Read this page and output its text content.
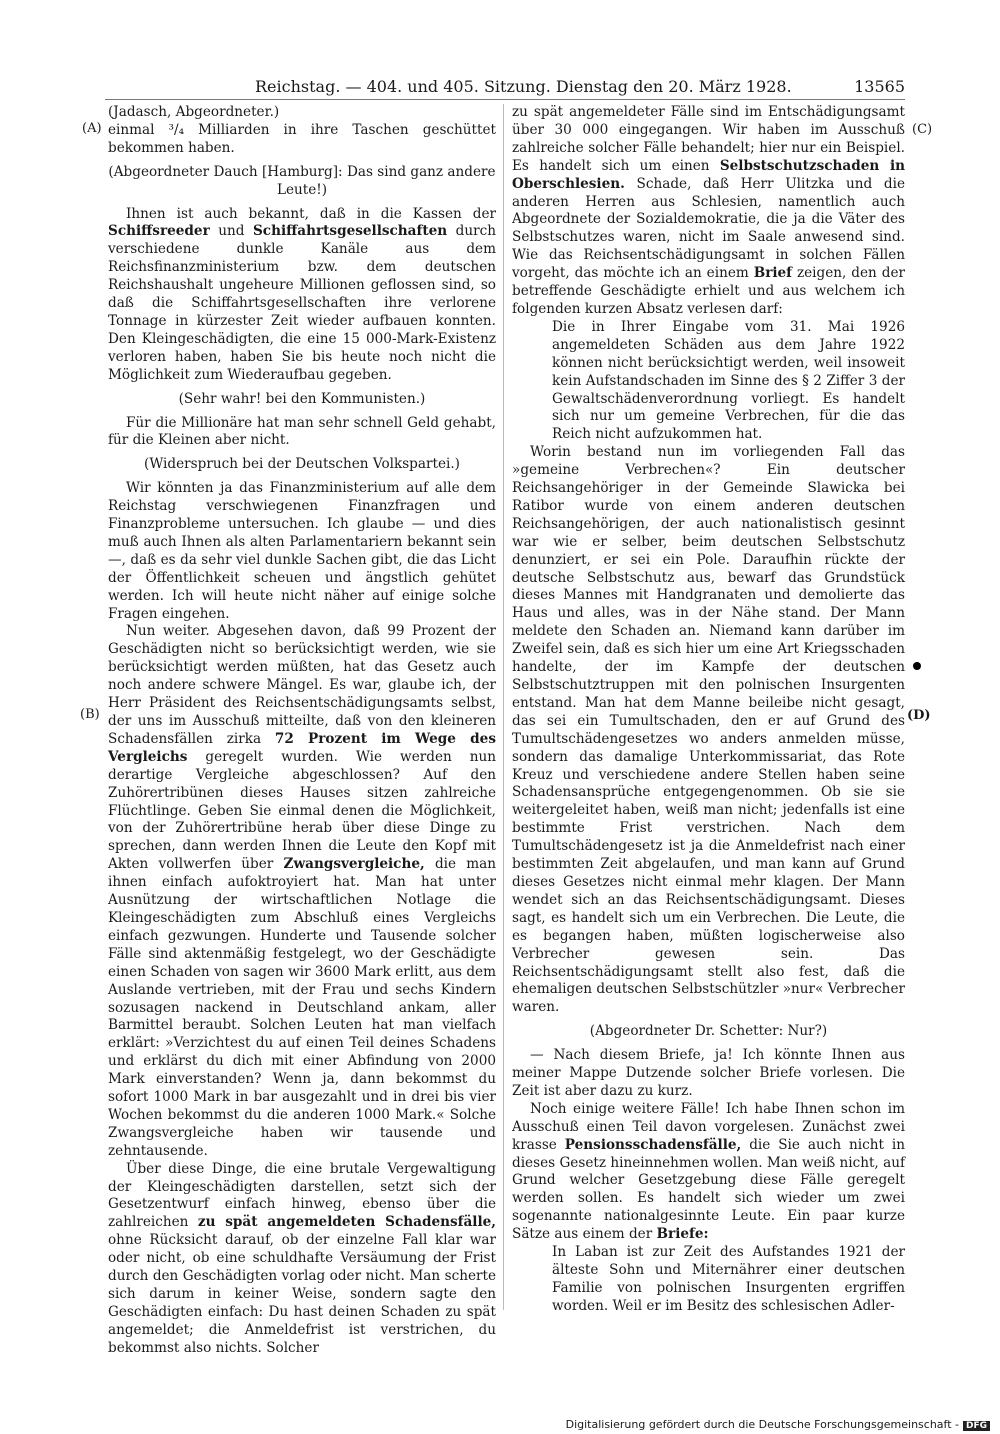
Reichstag. — 404. und 405. Sitzung. Dienstag den 20. März 1928.	13565
(A)
(B)
(C)
(D)

(Jadasch, Abgeordneter.)

einmal ³/₄ Milliarden in ihre Taschen geschüttet bekommen haben.

(Abgeordneter Dauch [Hamburg]: Das sind ganz andere Leute!)

Ihnen ist auch bekannt, daß in die Kassen der Schiffsreeder und Schiffahrtsgesellschaften durch verschiedene dunkle Kanäle aus dem Reichsfinanzministerium bzw. dem deutschen Reichshaushalt ungeheure Millionen geflossen sind, so daß die Schiffahrtsgesellschaften ihre verlorene Tonnage in kürzester Zeit wieder aufbauen konnten. Den Kleingeschädigten, die eine 15 000-Mark-Existenz verloren haben, haben Sie bis heute noch nicht die Möglichkeit zum Wiederaufbau gegeben.

(Sehr wahr! bei den Kommunisten.)

Für die Millionäre hat man sehr schnell Geld gehabt, für die Kleinen aber nicht.

(Widerspruch bei der Deutschen Volkspartei.)

Wir könnten ja das Finanzministerium auf alle dem Reichstag verschwiegenen Finanzfragen und Finanzprobleme untersuchen. Ich glaube — und dies muß auch Ihnen als alten Parlamentariern bekannt sein —, daß es da sehr viel dunkle Sachen gibt, die das Licht der Öffentlichkeit scheuen und ängstlich gehütet werden. Ich will heute nicht näher auf einige solche Fragen eingehen.

Nun weiter. Abgesehen davon, daß 99 Prozent der Geschädigten nicht so berücksichtigt werden, wie sie berücksichtigt werden müßten, hat das Gesetz auch noch andere schwere Mängel. Es war, glaube ich, der Herr Präsident des Reichsentschädigungsamts selbst, der uns im Ausschuß mitteilte, daß von den kleineren Schadensfällen zirka 72 Prozent im Wege des Vergleichs geregelt wurden. Wie werden nun derartige Vergleiche abgeschlossen? Auf den Zuhörertribünen dieses Hauses sitzen zahlreiche Flüchtlinge. Geben Sie einmal denen die Möglichkeit, von der Zuhörertribüne herab über diese Dinge zu sprechen, dann werden Ihnen die Leute den Kopf mit Akten vollwerfen über Zwangsvergleiche, die man ihnen einfach aufoktroyiert hat. Man hat unter Ausnützung der wirtschaftlichen Notlage die Kleingeschädigten zum Abschluß eines Vergleichs einfach gezwungen. Hunderte und Tausende solcher Fälle sind aktenmäßig festgelegt, wo der Geschädigte einen Schaden von sagen wir 3600 Mark erlitt, aus dem Auslande vertrieben, mit der Frau und sechs Kindern sozusagen nackend in Deutschland ankam, aller Barmittel beraubt. Solchen Leuten hat man vielfach erklärt: »Verzichtest du auf einen Teil deines Schadens und erklärst du dich mit einer Abfindung von 2000 Mark einverstanden? Wenn ja, dann bekommst du sofort 1000 Mark in bar ausgezahlt und in drei bis vier Wochen bekommst du die anderen 1000 Mark.« Solche Zwangsvergleiche haben wir tausende und zehntausende.

Über diese Dinge, die eine brutale Vergewaltigung der Kleingeschädigten darstellen, setzt sich der Gesetzentwurf einfach hinweg, ebenso über die zahlreichen zu spät angemeldeten Schadensfälle, ohne Rücksicht darauf, ob der einzelne Fall klar war oder nicht, ob eine schuldhafte Versäumung der Frist durch den Geschädigten vorlag oder nicht. Man scherte sich darum in keiner Weise, sondern sagte den Geschädigten einfach: Du hast deinen Schaden zu spät angemeldet; die Anmeldefrist ist verstrichen, du bekommst also nichts. Solcher

zu spät angemeldeter Fälle sind im Entschädigungsamt über 30 000 eingegangen. Wir haben im Ausschuß zahlreiche solcher Fälle behandelt; hier nur ein Beispiel. Es handelt sich um einen Selbstschutzschaden in Oberschlesien. Schade, daß Herr Ulitzka und die anderen Herren aus Schlesien, namentlich auch Abgeordnete der Sozialdemokratie, die ja die Väter des Selbstschutzes waren, nicht im Saale anwesend sind. Wie das Reichsentschädigungsamt in solchen Fällen vorgeht, das möchte ich an einem Brief zeigen, den der betreffende Geschädigte erhielt und aus welchem ich folgenden kurzen Absatz verlesen darf:

Die in Ihrer Eingabe vom 31. Mai 1926 angemeldeten Schäden aus dem Jahre 1922 können nicht berücksichtigt werden, weil insoweit kein Aufstandschaden im Sinne des § 2 Ziffer 3 der Gewaltschädenverordnung vorliegt. Es handelt sich nur um gemeine Verbrechen, für die das Reich nicht aufzukommen hat.

Worin bestand nun im vorliegenden Fall das »gemeine Verbrechen«? Ein deutscher Reichsangehöriger in der Gemeinde Slawicka bei Ratibor wurde von einem anderen deutschen Reichsangehörigen, der auch nationalistisch gesinnt war wie er selber, beim deutschen Selbstschutz denunziert, er sei ein Pole. Daraufhin rückte der deutsche Selbstschutz aus, bewarf das Grundstück dieses Mannes mit Handgranaten und demolierte das Haus und alles, was in der Nähe stand. Der Mann meldete den Schaden an. Niemand kann darüber im Zweifel sein, daß es sich hier um eine Art Kriegsschaden handelte, der im Kampfe der deutschen Selbstschutztruppen mit den polnischen Insurgenten entstand. Man hat dem Manne beileibe nicht gesagt, das sei ein Tumultschaden, den er auf Grund des Tumultschädengesetzes wo anders anmelden müsse, sondern das damalige Unterkommissariat, das Rote Kreuz und verschiedene andere Stellen haben seine Schadensansprüche entgegengenommen. Ob sie sie weitergeleitet haben, weiß man nicht; jedenfalls ist eine bestimmte Frist verstrichen. Nach dem Tumultschädengesetz ist ja die Anmeldefrist nach einer bestimmten Zeit abgelaufen, und man kann auf Grund dieses Gesetzes nicht einmal mehr klagen. Der Mann wendet sich an das Reichsentschädigungsamt. Dieses sagt, es handelt sich um ein Verbrechen. Die Leute, die es begangen haben, müßten logischerweise also Verbrecher gewesen sein. Das Reichsentschädigungsamt stellt also fest, daß die ehemaligen deutschen Selbstschützler »nur« Verbrecher waren.

(Abgeordneter Dr. Schetter: Nur?)

— Nach diesem Briefe, ja! Ich könnte Ihnen aus meiner Mappe Dutzende solcher Briefe vorlesen. Die Zeit ist aber dazu zu kurz.

Noch einige weitere Fälle! Ich habe Ihnen schon im Ausschuß einen Teil davon vorgelesen. Zunächst zwei krasse Pensionsschadensfälle, die Sie auch nicht in dieses Gesetz hineinnehmen wollen. Man weiß nicht, auf Grund welcher Gesetzgebung diese Fälle geregelt werden sollen. Es handelt sich wieder um zwei sogenannte nationalgesinnte Leute. Ein paar kurze Sätze aus einem der Briefe:

In Laban ist zur Zeit des Aufstandes 1921 der älteste Sohn und Miternährer einer deutschen Familie von polnischen Insurgenten ergriffen worden. Weil er im Besitz des schlesischen Adler-

Digitalisierung gefördert durch die Deutsche Forschungsgemeinschaft - DFG
